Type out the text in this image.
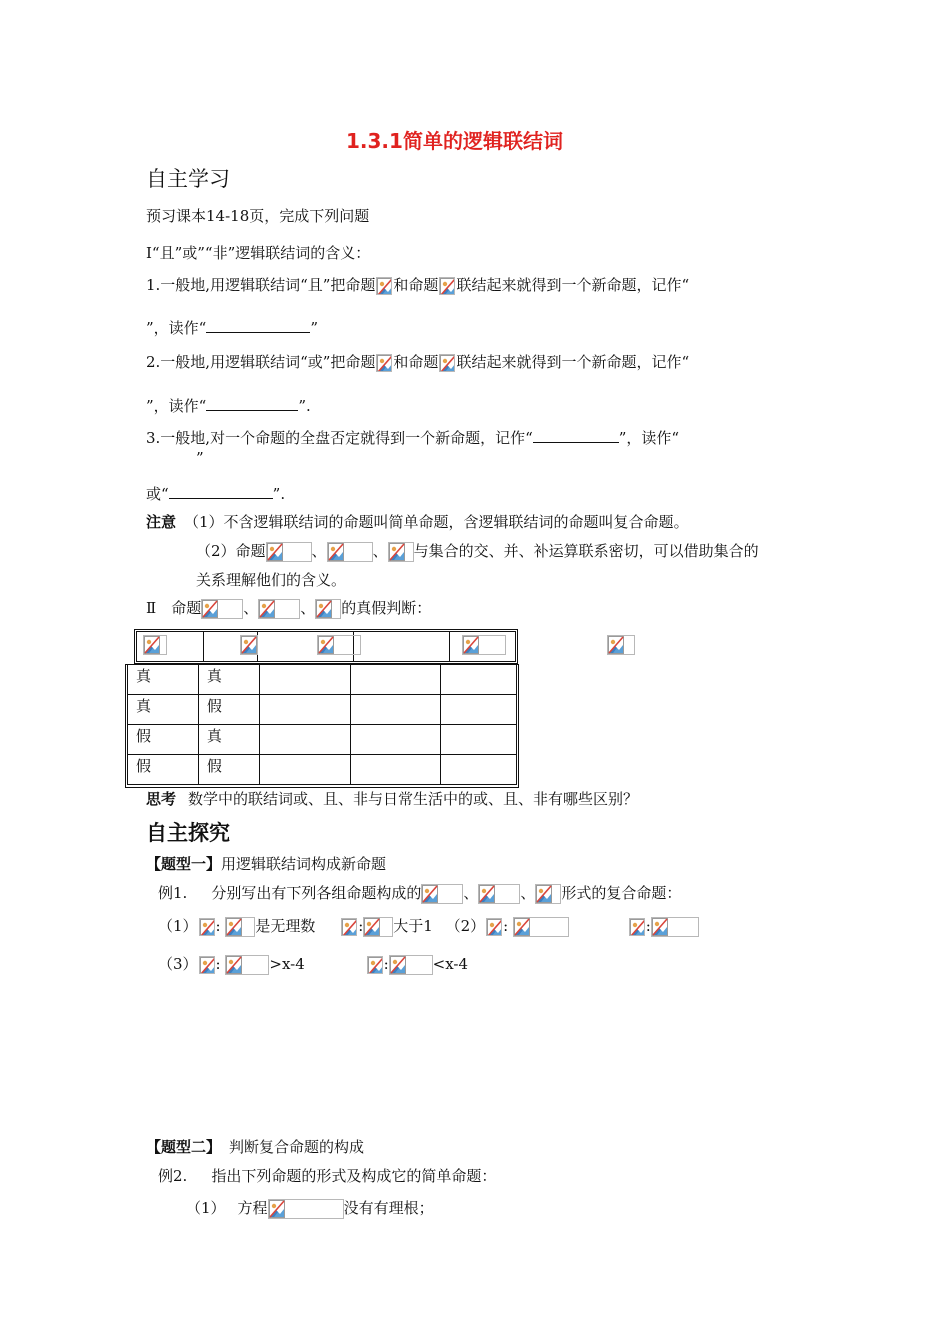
1.3.1简单的逻辑联结词
自主学习
预习课本14-18页，完成下列问题
Ⅰ“且”或”“非”逻辑联结词的含义：
1.一般地,用逻辑联结词“且”把命题 和命题 联结起来就得到一个新命题，记作“
”，读作“	”
2.一般地,用逻辑联结词“或”把命题 和命题 联结起来就得到一个新命题，记作“
”，读作“	”.
3.一般地,对一个命题的全盘否定就得到一个新命题，记作“	”，读作“
”
或“	”.
注意 （1）不含逻辑联结词的命题叫简单命题，含逻辑联结词的命题叫复合命题。
（2）命题	、	、 与集合的交、并、补运算联系密切，可以借助集合的
关系理解他们的含义。
Ⅱ　命题	、	、 的真假判断：

真	真			
真	假			
假	真			
假	假			
思考 数学中的联结词或、且、非与日常生活中的或、且、非有哪些区别？
自主探究
【题型一】用逻辑联结词构成新命题
例1. 分别写出有下列各组命题构成的	、	、 形式的复合命题：
（1） : 是无理数	: 大于1 （2） :
	:
（3） :	>x-4	:	<x-4
【题型二】 判断复合命题的构成
例2. 指出下列命题的形式及构成它的简单命题：
（1） 方程	没有有理根；
